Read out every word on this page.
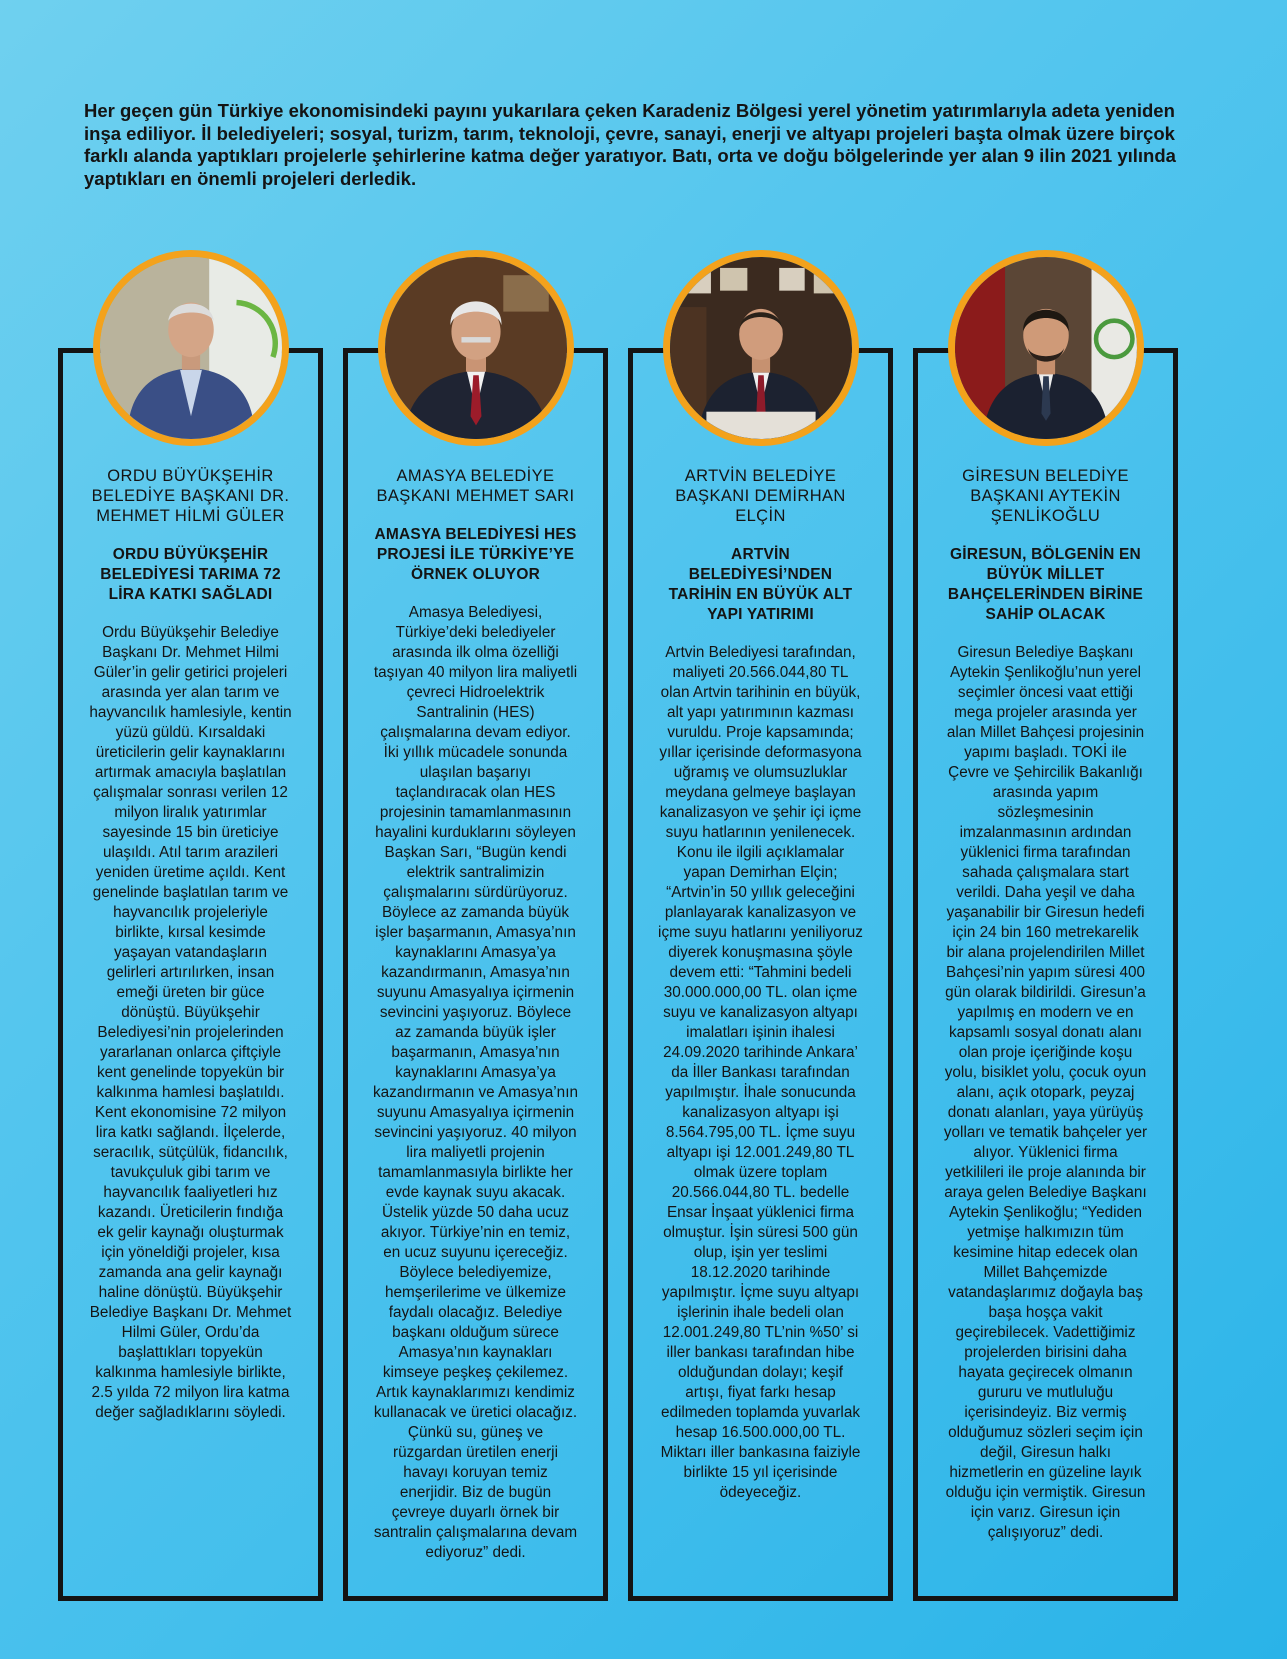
Her geçen gün Türkiye ekonomisindeki payını yukarılara çeken Karadeniz Bölgesi yerel yönetim yatırımlarıyla adeta yeniden inşa ediliyor. İl belediyeleri; sosyal, turizm, tarım, teknoloji, çevre, sanayi, enerji ve altyapı projeleri başta olmak üzere birçok farklı alanda yaptıkları projelerle şehirlerine katma değer yaratıyor. Batı, orta ve doğu bölgelerinde yer alan 9 ilin 2021 yılında yaptıkları en önemli projeleri derledik.

ORDU BÜYÜKŞEHİR BELEDİYE BAŞKANI DR. MEHMET HİLMİ GÜLER

ORDU BÜYÜKŞEHİR BELEDİYESİ TARIMA 72 LİRA KATKI SAĞLADI

Ordu Büyükşehir Belediye Başkanı Dr. Mehmet Hilmi Güler’in gelir getirici projeleri arasında yer alan tarım ve hayvancılık hamlesiyle, kentin yüzü güldü. Kırsaldaki üreticilerin gelir kaynaklarını artırmak amacıyla başlatılan çalışmalar sonrası verilen 12 milyon liralık yatırımlar sayesinde 15 bin üreticiye ulaşıldı. Atıl tarım arazileri yeniden üretime açıldı. Kent genelinde başlatılan tarım ve hayvancılık projeleriyle birlikte, kırsal kesimde yaşayan vatandaşların gelirleri artırılırken, insan emeği üreten bir güce dönüştü. Büyükşehir Belediyesi’nin projelerinden yararlanan onlarca çiftçiyle kent genelinde topyekün bir kalkınma hamlesi başlatıldı. Kent ekonomisine 72 milyon lira katkı sağlandı. İlçelerde, seracılık, sütçülük, fidancılık, tavukçuluk gibi tarım ve hayvancılık faaliyetleri hız kazandı. Üreticilerin fındığa ek gelir kaynağı oluşturmak için yöneldiği projeler, kısa zamanda ana gelir kaynağı haline dönüştü. Büyükşehir Belediye Başkanı Dr. Mehmet Hilmi Güler, Ordu’da başlattıkları topyekün kalkınma hamlesiyle birlikte, 2.5 yılda 72 milyon lira katma değer sağladıklarını söyledi.

AMASYA BELEDİYE BAŞKANI MEHMET SARI

AMASYA BELEDİYESİ HES PROJESİ İLE TÜRKİYE’YE ÖRNEK OLUYOR

Amasya Belediyesi, Türkiye’deki belediyeler arasında ilk olma özelliği taşıyan 40 milyon lira maliyetli çevreci Hidroelektrik Santralinin (HES) çalışmalarına devam ediyor. İki yıllık mücadele sonunda ulaşılan başarıyı taçlandıracak olan HES projesinin tamamlanmasının hayalini kurduklarını söyleyen Başkan Sarı, “Bugün kendi elektrik santralimizin çalışmalarını sürdürüyoruz. Böylece az zamanda büyük işler başarmanın, Amasya’nın kaynaklarını Amasya’ya kazandırmanın, Amasya’nın suyunu Amasyalıya içirmenin sevincini yaşıyoruz. Böylece az zamanda büyük işler başarmanın, Amasya’nın kaynaklarını Amasya’ya kazandırmanın ve Amasya’nın suyunu Amasyalıya içirmenin sevincini yaşıyoruz. 40 milyon lira maliyetli projenin tamamlanmasıyla birlikte her evde kaynak suyu akacak. Üstelik yüzde 50 daha ucuz akıyor. Türkiye’nin en temiz, en ucuz suyunu içereceğiz. Böylece belediyemize, hemşerilerime ve ülkemize faydalı olacağız. Belediye başkanı olduğum sürece Amasya’nın kaynakları kimseye peşkeş çekilemez. Artık kaynaklarımızı kendimiz kullanacak ve üretici olacağız. Çünkü su, güneş ve rüzgardan üretilen enerji havayı koruyan temiz enerjidir. Biz de bugün çevreye duyarlı örnek bir santralin çalışmalarına devam ediyoruz” dedi.

ARTVİN BELEDİYE BAŞKANI DEMİRHAN ELÇİN

ARTVİN BELEDİYESİ’NDEN TARİHİN EN BÜYÜK ALT YAPI YATIRIMI

Artvin Belediyesi tarafından, maliyeti 20.566.044,80 TL olan Artvin tarihinin en büyük, alt yapı yatırımının kazması vuruldu. Proje kapsamında; yıllar içerisinde deformasyona uğramış ve olumsuzluklar meydana gelmeye başlayan kanalizasyon ve şehir içi içme suyu hatlarının yenilenecek. Konu ile ilgili açıklamalar yapan Demirhan Elçin; “Artvin’in 50 yıllık geleceğini planlayarak kanalizasyon ve içme suyu hatlarını yeniliyoruz diyerek konuşmasına şöyle devem etti: “Tahmini bedeli 30.000.000,00 TL. olan içme suyu ve kanalizasyon altyapı imalatları işinin ihalesi 24.09.2020 tarihinde Ankara’ da İller Bankası tarafından yapılmıştır. İhale sonucunda kanalizasyon altyapı işi 8.564.795,00 TL. İçme suyu altyapı işi 12.001.249,80 TL olmak üzere toplam 20.566.044,80 TL. bedelle Ensar İnşaat yüklenici firma olmuştur. İşin süresi 500 gün olup, işin yer teslimi 18.12.2020 tarihinde yapılmıştır. İçme suyu altyapı işlerinin ihale bedeli olan 12.001.249,80 TL’nin %50’ si iller bankası tarafından hibe olduğundan dolayı; keşif artışı, fiyat farkı hesap edilmeden toplamda yuvarlak hesap 16.500.000,00 TL. Miktarı iller bankasına faiziyle birlikte 15 yıl içerisinde ödeyeceğiz.

GİRESUN BELEDİYE BAŞKANI AYTEKİN ŞENLİKOĞLU

GİRESUN, BÖLGENİN EN BÜYÜK MİLLET BAHÇELERİNDEN BİRİNE SAHİP OLACAK

Giresun Belediye Başkanı Aytekin Şenlikoğlu’nun yerel seçimler öncesi vaat ettiği mega projeler arasında yer alan Millet Bahçesi projesinin yapımı başladı. TOKİ ile Çevre ve Şehircilik Bakanlığı arasında yapım sözleşmesinin imzalanmasının ardından yüklenici firma tarafından sahada çalışmalara start verildi. Daha yeşil ve daha yaşanabilir bir Giresun hedefi için 24 bin 160 metrekarelik bir alana projelendirilen Millet Bahçesi’nin yapım süresi 400 gün olarak bildirildi. Giresun’a yapılmış en modern ve en kapsamlı sosyal donatı alanı olan proje içeriğinde koşu yolu, bisiklet yolu, çocuk oyun alanı, açık otopark, peyzaj donatı alanları, yaya yürüyüş yolları ve tematik bahçeler yer alıyor. Yüklenici firma yetkilileri ile proje alanında bir araya gelen Belediye Başkanı Aytekin Şenlikoğlu; “Yediden yetmişe halkımızın tüm kesimine hitap edecek olan Millet Bahçemizde vatandaşlarımız doğayla baş başa hoşça vakit geçirebilecek. Vadettiğimiz projelerden birisini daha hayata geçirecek olmanın gururu ve mutluluğu içerisindeyiz. Biz vermiş olduğumuz sözleri seçim için değil, Giresun halkı hizmetlerin en güzeline layık olduğu için vermiştik. Giresun için varız. Giresun için çalışıyoruz” dedi.
